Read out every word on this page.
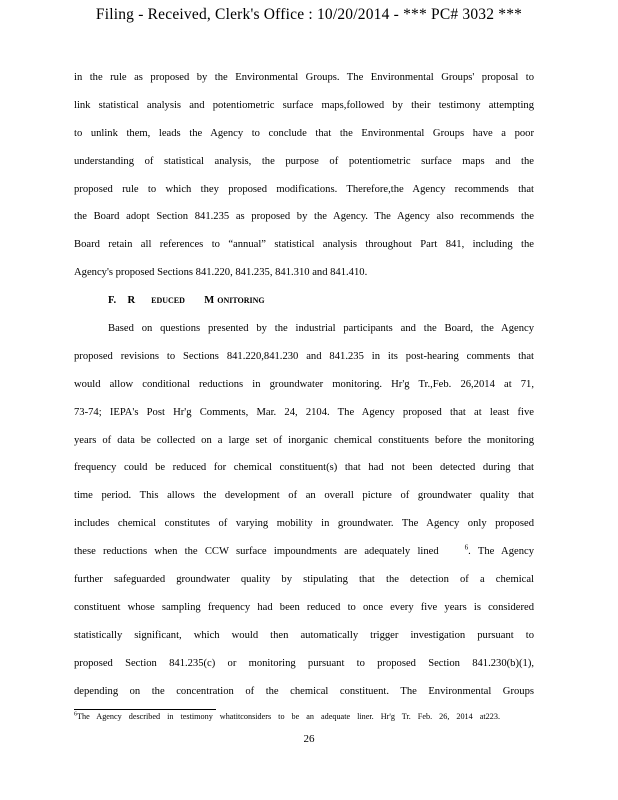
Filing - Received, Clerk's Office : 10/20/2014 - *** PC# 3032 ***
in the rule as proposed by the Environmental Groups. The Environmental Groups' proposal to
link statistical analysis and potentiometric surface maps,followed by their testimony attempting
to unlink them, leads the Agency to conclude that the Environmental Groups have a poor
understanding of statistical analysis, the purpose of potentiometric surface maps and the
proposed rule to which they proposed modifications. Therefore,the Agency recommends that
the Board adopt Section 841.235 as proposed by the Agency. The Agency also recommends the
Board retain all references to “annual” statistical analysis throughout Part 841, including the
Agency's proposed Sections 841.220, 841.235, 841.310 and 841.410.
F. R EDUCED M ONITORING
Based on questions presented by the industrial participants and the Board, the Agency
proposed revisions to Sections 841.220,841.230 and 841.235 in its post-hearing comments that
would allow conditional reductions in groundwater monitoring. Hr'g Tr.,Feb. 26,2014 at 71,
73-74; IEPA's Post Hr'g Comments, Mar. 24, 2104. The Agency proposed that at least five
years of data be collected on a large set of inorganic chemical constituents before the monitoring
frequency could be reduced for chemical constituent(s) that had not been detected during that
time period. This allows the development of an overall picture of groundwater quality that
includes chemical constitutes of varying mobility in groundwater. The Agency only proposed
these reductions when the CCW surface impoundments are adequately lined	$^6$. The Agency
further safeguarded groundwater quality by stipulating that the detection of a chemical
constituent whose sampling frequency had been reduced to once every five years is considered
statistically significant, which would then automatically trigger investigation pursuant to
proposed Section 841.235(c) or monitoring pursuant to proposed Section 841.230(b)(1),
depending on the concentration of the chemical constituent. The Environmental Groups
$^6$The Agency described in testimony whatitconsiders to be an adequate liner. Hr'g Tr. Feb. 26, 2014 at223.
26
